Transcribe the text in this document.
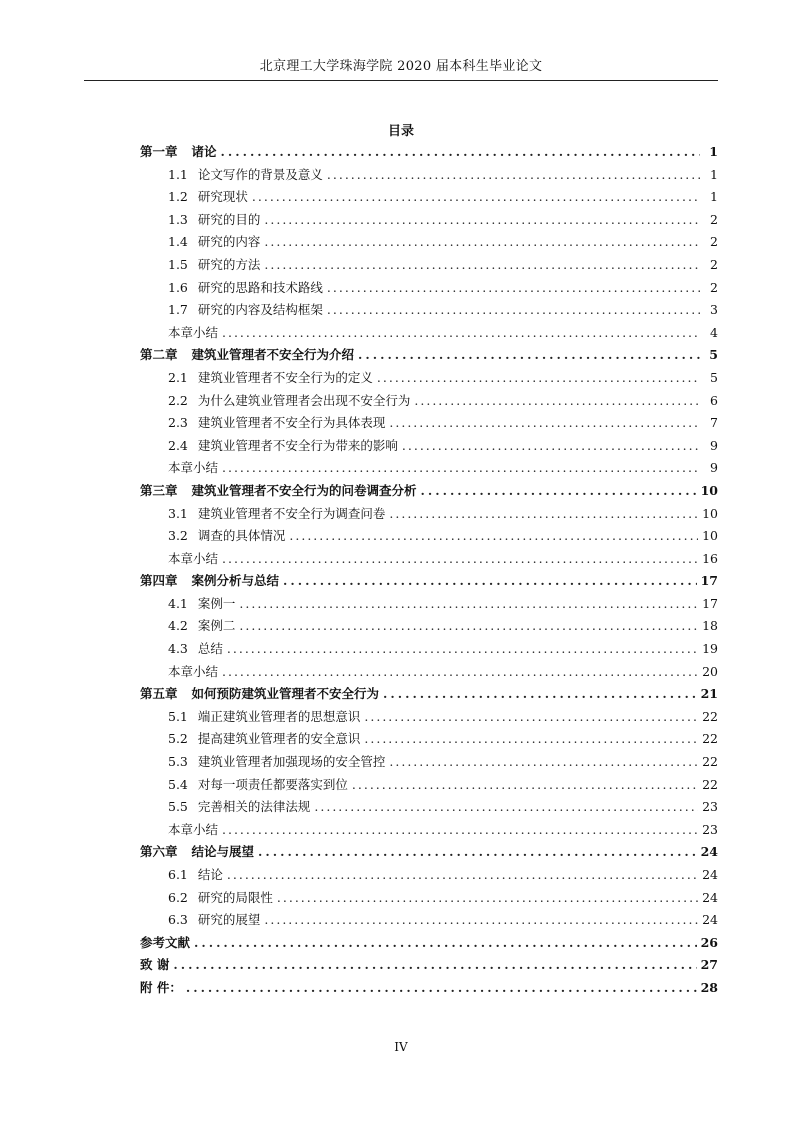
北京理工大学珠海学院 2020 届本科生毕业论文
目录
第一章 诸论 .....	1
1.1 论文写作的背景及意义 .....	1
1.2 研究现状 .....	1
1.3 研究的目的 .....	2
1.4 研究的内容 .....	2
1.5 研究的方法 .....	2
1.6 研究的思路和技术路线 .....	2
1.7 研究的内容及结构框架 .....	3
本章小结 .....	4
第二章 建筑业管理者不安全行为介绍 .....	5
2.1 建筑业管理者不安全行为的定义 .....	5
2.2 为什么建筑业管理者会出现不安全行为 .....	6
2.3 建筑业管理者不安全行为具体表现 .....	7
2.4 建筑业管理者不安全行为带来的影响 .....	9
本章小结 .....	9
第三章 建筑业管理者不安全行为的问卷调查分析 .....	10
3.1 建筑业管理者不安全行为调查问卷 .....	10
3.2 调查的具体情况 .....	10
本章小结 .....	16
第四章 案例分析与总结 .....	17
4.1 案例一 .....	17
4.2 案例二 .....	18
4.3 总结 .....	19
本章小结 .....	20
第五章 如何预防建筑业管理者不安全行为 .....	21
5.1 端正建筑业管理者的思想意识 .....	22
5.2 提高建筑业管理者的安全意识 .....	22
5.3 建筑业管理者加强现场的安全管控 .....	22
5.4 对每一项责任都要落实到位 .....	22
5.5 完善相关的法律法规 .....	23
本章小结 .....	23
第六章 结论与展望 .....	24
6.1 结论 .....	24
6.2 研究的局限性 .....	24
6.3 研究的展望 .....	24
参考文献 .....	26
致 谢 .....	27
附 件： .....	28
IV
